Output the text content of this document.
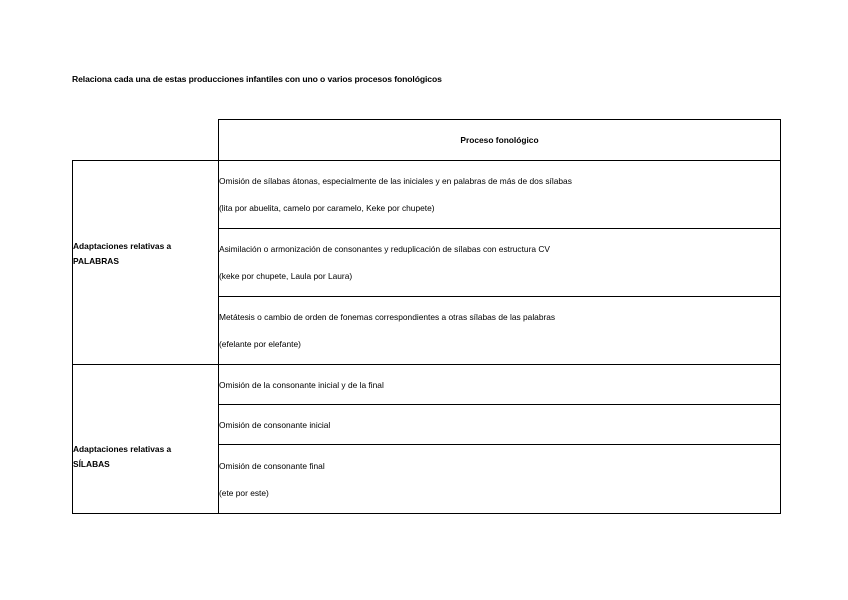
Relaciona cada una de estas producciones infantiles con uno o varios procesos fonológicos
	Proceso fonológico

Adaptaciones relativas a PALABRAS	Omisión de sílabas átonas, especialmente de las iniciales y en palabras de más de dos sílabas
(lita por abuelita, camelo por caramelo, Keke por chupete)

	Asimilación o armonización de consonantes y reduplicación de sílabas con estructura CV
(keke por chupete, Laula por Laura)

	Metátesis o cambio de orden de fonemas correspondientes a otras sílabas de las palabras
(efelante por elefante)

Adaptaciones relativas a SÍLABAS	Omisión de la consonante inicial y de la final

	Omisión de consonante inicial

	Omisión de consonante final
(ete por este)
